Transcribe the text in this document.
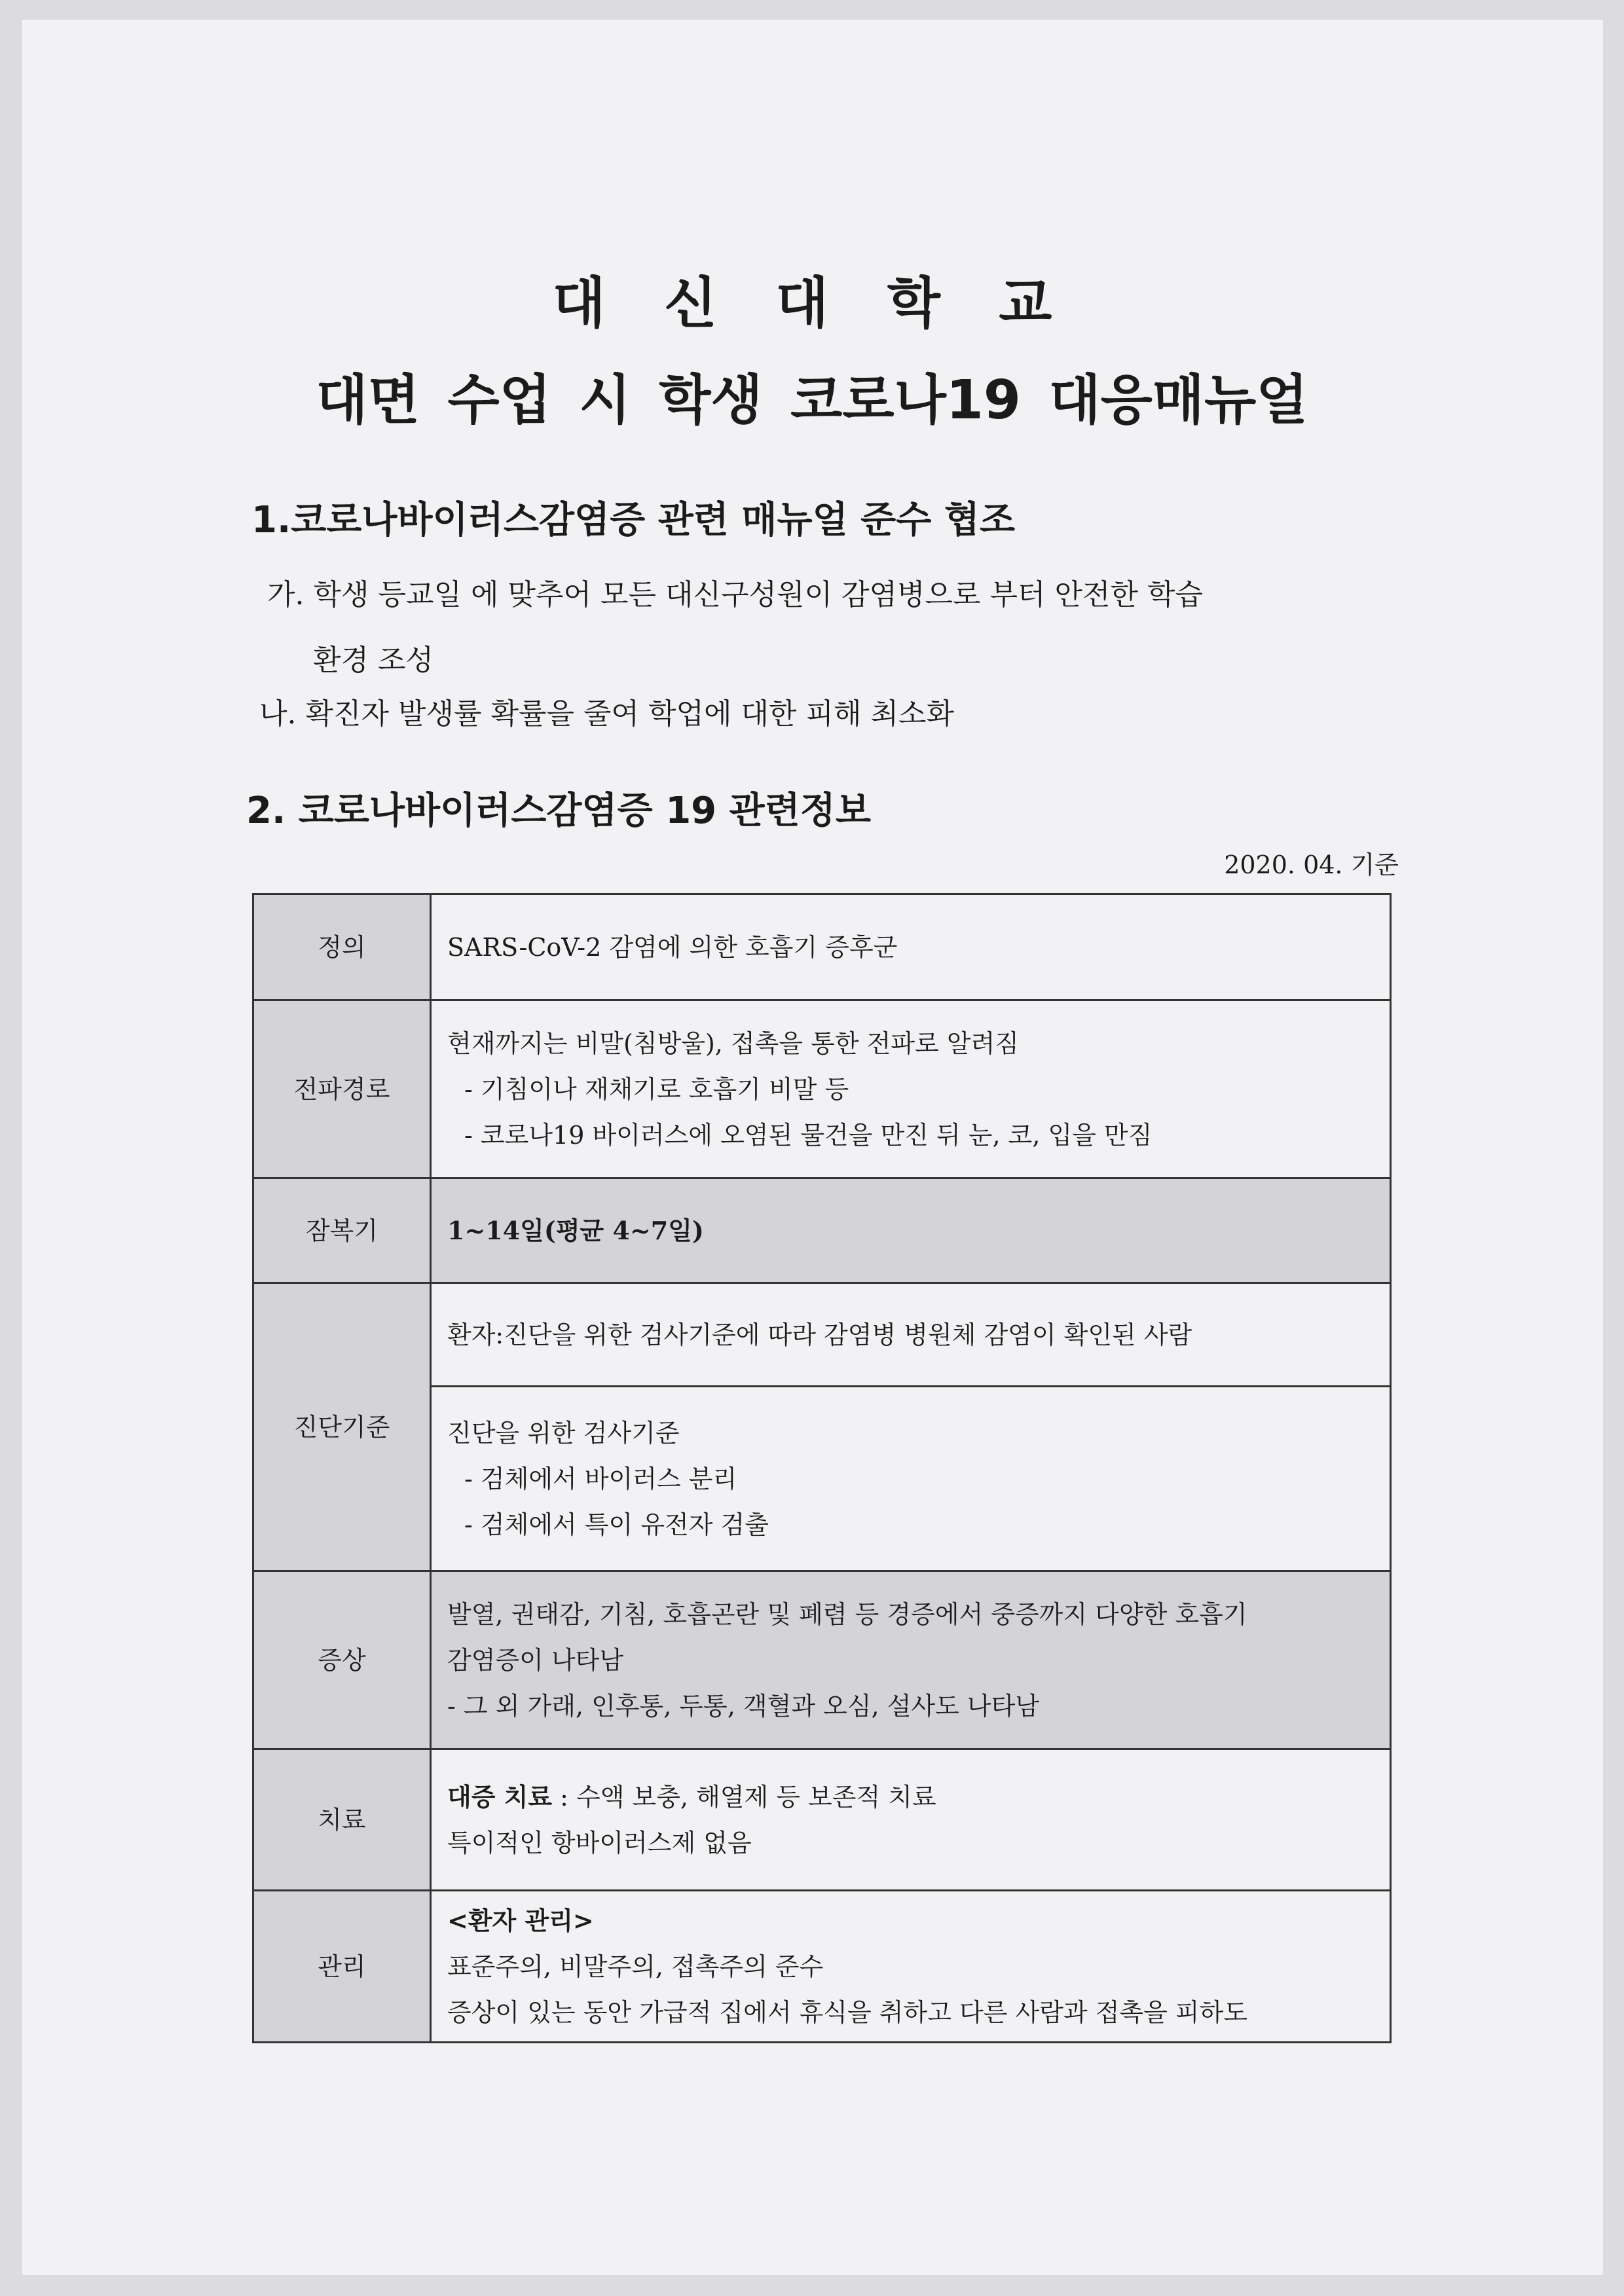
대 신 대 학 교
대면 수업 시 학생 코로나19 대응매뉴얼
1.코로나바이러스감염증 관련 매뉴얼 준수 협조
가. 학생 등교일 에 맞추어 모든 대신구성원이 감염병으로 부터 안전한 학습
환경 조성
나. 확진자 발생률 확률을 줄여 학업에 대한 피해 최소화
2. 코로나바이러스감염증 19 관련정보
2020. 04. 기준
정의	SARS-CoV-2 감염에 의한 호흡기 증후군
전파경로	현재까지는 비말(침방울), 접촉을 통한 전파로 알려짐
- 기침이나 재채기로 호흡기 비말 등
- 코로나19 바이러스에 오염된 물건을 만진 뒤 눈, 코, 입을 만짐

잠복기	1~14일(평균 4~7일)
진단기준	환자:진단을 위한 검사기준에 따라 감염병 병원체 감염이 확인된 사람

	진단을 위한 검사기준
- 검체에서 바이러스 분리
- 검체에서 특이 유전자 검출

증상	발열, 권태감, 기침, 호흡곤란 및 폐렴 등 경증에서 중증까지 다양한 호흡기
감염증이 나타남
- 그 외 가래, 인후통, 두통, 객혈과 오심, 설사도 나타남

치료	대증 치료 : 수액 보충, 해열제 등 보존적 치료
특이적인 항바이러스제 없음

관리	<환자 관리>
표준주의, 비말주의, 접촉주의 준수
증상이 있는 동안 가급적 집에서 휴식을 취하고 다른 사람과 접촉을 피하도
